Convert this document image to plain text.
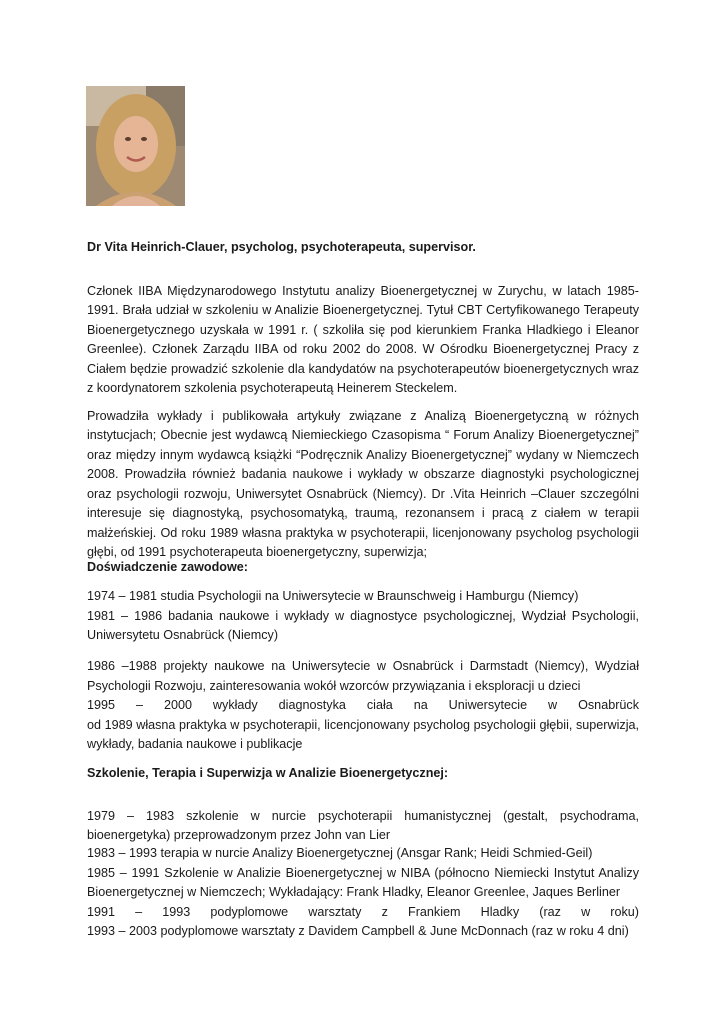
Dr Vita Heinrich-Clauer, psycholog, psychoterapeuta, supervisor.

Członek IIBA Międzynarodowego Instytutu analizy Bioenergetycznej w Zurychu, w latach 1985-1991. Brała udział w szkoleniu w Analizie Bioenergetycznej. Tytuł CBT Certyfikowanego Terapeuty Bioenergetycznego uzyskała w 1991 r. ( szkoliła się pod kierunkiem Franka Hladkiego i Eleanor Greenlee). Członek Zarządu IIBA od roku 2002 do 2008. W Ośrodku Bioenergetycznej Pracy z Ciałem będzie prowadzić szkolenie dla kandydatów na psychoterapeutów bioenergetycznych wraz z koordynatorem szkolenia psychoterapeutą Heinerem Steckelem.

Prowadziła wykłady i publikowała artykuły związane z Analizą Bioenergetyczną w różnych instytucjach; Obecnie jest wydawcą Niemieckiego Czasopisma “ Forum Analizy Bioenergetycznej” oraz między innym wydawcą książki “Podręcznik Analizy Bioenergetycznej” wydany w Niemczech 2008. Prowadziła również badania naukowe i wykłady w obszarze diagnostyki psychologicznej oraz psychologii rozwoju, Uniwersytet Osnabrück (Niemcy). Dr .Vita Heinrich –Clauer szczególni interesuje się diagnostyką, psychosomatyką, traumą, rezonansem i pracą z ciałem w terapii małżeńskiej. Od roku 1989 własna praktyka w psychoterapii, licenjonowany psycholog psychologii głębi, od 1991 psychoterapeuta bioenergetyczny, superwizja;

Doświadczenie zawodowe:
1974 – 1981 studia Psychologii na Uniwersytecie w Braunschweig i Hamburgu (Niemcy)
1981 – 1986 badania naukowe i wykłady w diagnostyce psychologicznej, Wydział Psychologii, Uniwersytetu Osnabrück (Niemcy)
1986 –1988 projekty naukowe na Uniwersytecie w Osnabrück i Darmstadt (Niemcy), Wydział Psychologii Rozwoju, zainteresowania wokół wzorców przywiązania i eksploracji u dzieci
1995 – 2000 wykłady diagnostyka ciała na Uniwersytecie w Osnabrück
od 1989 własna praktyka w psychoterapii, licencjonowany psycholog psychologii głębii, superwizja, wykłady, badania naukowe i publikacje
Szkolenie, Terapia i Superwizja w Analizie Bioenergetycznej:

1979 – 1983 szkolenie w nurcie psychoterapii humanistycznej (gestalt, psychodrama, bioenergetyka) przeprowadzonym przez John van Lier

1983 – 1993 terapia w nurcie Analizy Bioenergetycznej (Ansgar Rank; Heidi Schmied-Geil)
1985 – 1991 Szkolenie w Analizie Bioenergetycznej w NIBA (północno Niemiecki Instytut Analizy Bioenergetycznej w Niemczech; Wykładający: Frank Hladky, Eleanor Greenlee, Jaques Berliner
1991 – 1993 podyplomowe warsztaty z Frankiem Hladky (raz w roku)
1993 – 2003 podyplomowe warsztaty z Davidem Campbell & June McDonnach (raz w roku 4 dni)
